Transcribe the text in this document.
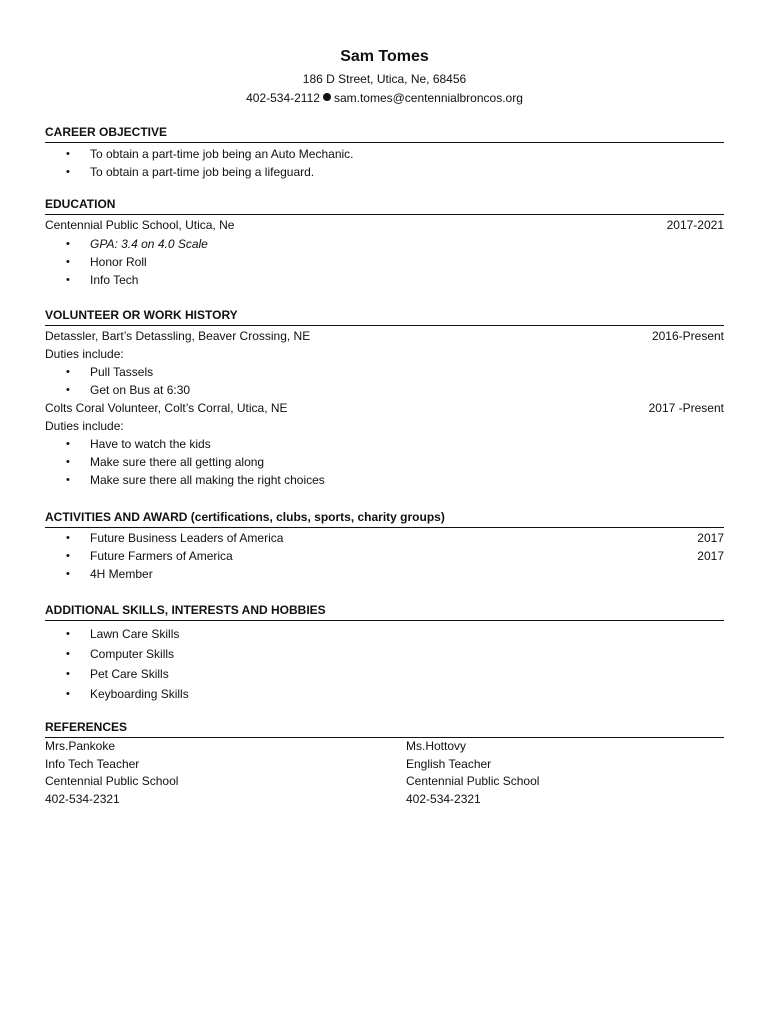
Sam Tomes
186 D Street, Utica, Ne, 68456
402-534-2112 sam.tomes@centennialbroncos.org
CAREER OBJECTIVE
• To obtain a part-time job being an Auto Mechanic.
• To obtain a part-time job being a lifeguard.
EDUCATION
Centennial Public School, Utica, Ne	2017-2021
• GPA: 3.4 on 4.0 Scale
• Honor Roll
• Info Tech
VOLUNTEER OR WORK HISTORY
Detassler, Bart’s Detassling, Beaver Crossing, NE	2016-Present
Duties include:
• Pull Tassels
• Get on Bus at 6:30
Colts Coral Volunteer, Colt’s Corral, Utica, NE	2017 -Present
Duties include:
• Have to watch the kids
• Make sure there all getting along
• Make sure there all making the right choices
ACTIVITIES AND AWARD (certifications, clubs, sports, charity groups)
• Future Business Leaders of America	2017
• Future Farmers of America	2017
• 4H Member
ADDITIONAL SKILLS, INTERESTS AND HOBBIES
• Lawn Care Skills
• Computer Skills
• Pet Care Skills
• Keyboarding Skills
REFERENCES
Mrs.Pankoke
Info Tech Teacher
Centennial Public School
402-534-2321
Ms.Hottovy
English Teacher
Centennial Public School
402-534-2321
